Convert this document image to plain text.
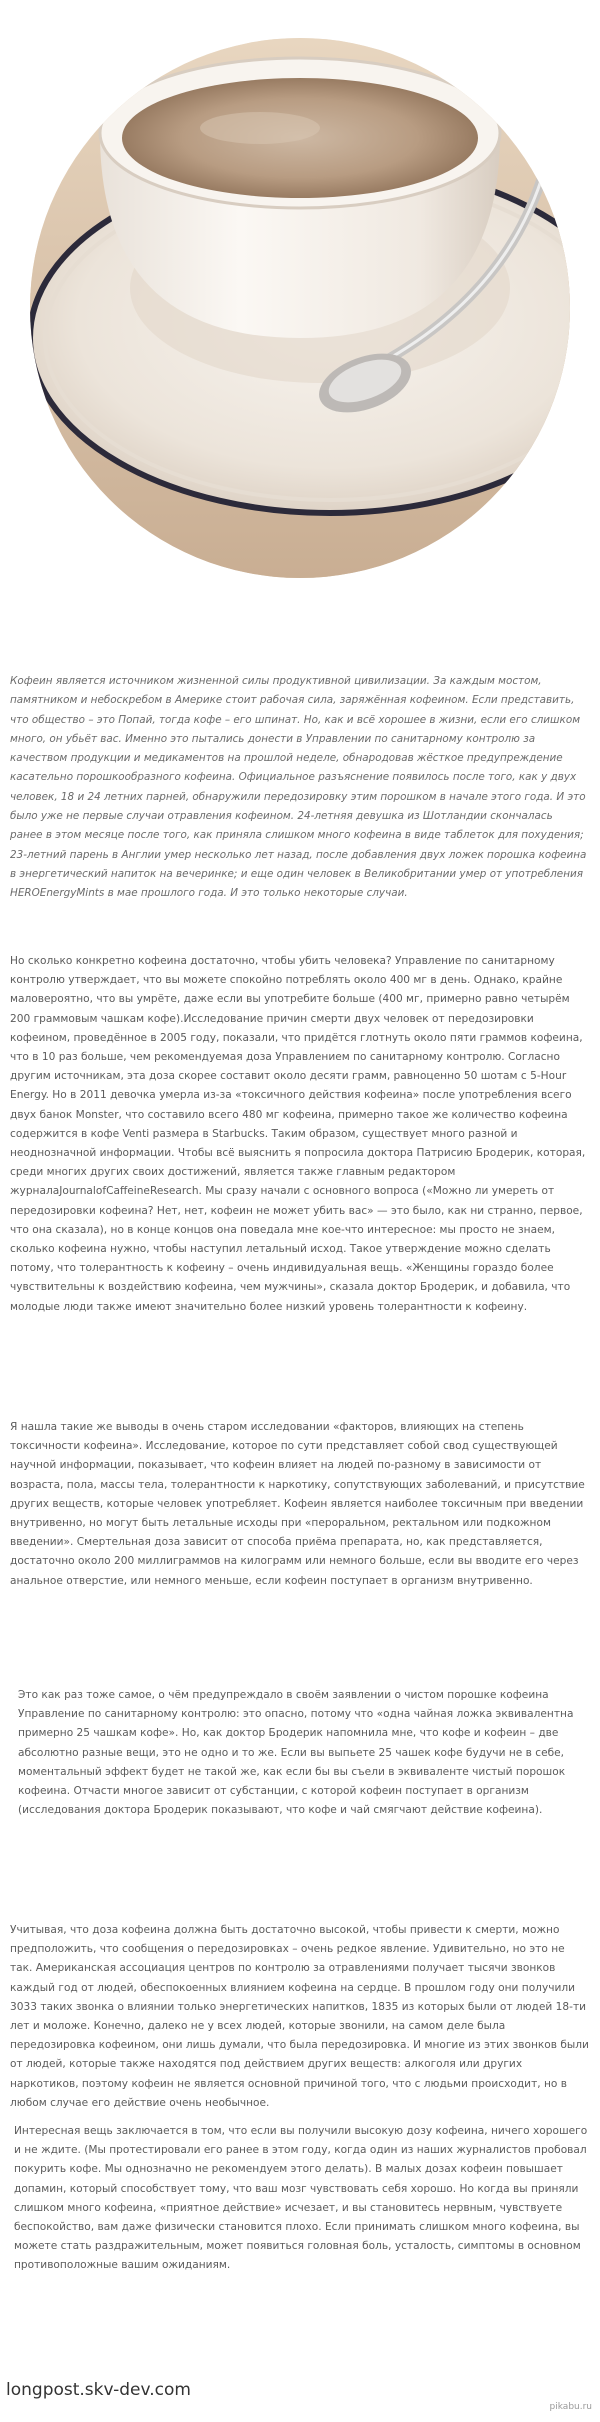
Кофеин является источником жизненной силы продуктивной цивилизации. За каждым мостом, памятником и небоскребом в Америке стоит рабочая сила, заряжённая кофеином. Если представить, что общество – это Попай, тогда кофе – его шпинат. Но, как и всё хорошее в жизни, если его слишком много, он убьёт вас. Именно это пытались донести в Управлении по санитарному контролю за качеством продукции и медикаментов на прошлой неделе, обнародовав жёсткое предупреждение касательно порошкообразного кофеина. Официальное разъяснение появилось после того, как у двух человек, 18 и 24 летних парней, обнаружили передозировку этим порошком в начале этого года. И это было уже не первые случаи отравления кофеином. 24-летняя девушка из Шотландии скончалась ранее в этом месяце после того, как приняла слишком много кофеина в виде таблеток для похудения; 23-летний парень в Англии умер несколько лет назад, после добавления двух ложек порошка кофеина в энергетический напиток на вечеринке; и еще один человек в Великобритании умер от употребления HEROEnergyMints в мае прошлого года. И это только некоторые случаи.

Но сколько конкретно кофеина достаточно, чтобы убить человека? Управление по санитарному контролю утверждает, что вы можете спокойно потреблять около 400 мг в день. Однако, крайне маловероятно, что вы умрёте, даже если вы употребите больше (400 мг, примерно равно четырём 200 граммовым чашкам кофе).Исследование причин смерти двух человек от передозировки кофеином, проведённое в 2005 году, показали, что придётся глотнуть около пяти граммов кофеина, что в 10 раз больше, чем рекомендуемая доза Управлением по санитарному контролю. Согласно другим источникам, эта доза скорее составит около десяти грамм, равноценно 50 шотам с 5-Hour Energy. Но в 2011 девочка умерла из-за «токсичного действия кофеина» после употребления всего двух банок Monster, что составило всего 480 мг кофеина, примерно такое же количество кофеина содержится в кофе Venti размера в Starbucks. Таким образом, существует много разной и неоднозначной информации. Чтобы всё выяснить я попросила доктора Патрисию Бродерик, которая, среди многих других своих достижений, является также главным редактором журналаJournalofCaffeineResearch. Мы сразу начали с основного вопроса («Можно ли умереть от передозировки кофеина? Нет, нет, кофеин не может убить вас» — это было, как ни странно, первое, что она сказала), но в конце концов она поведала мне кое-что интересное: мы просто не знаем, сколько кофеина нужно, чтобы наступил летальный исход. Такое утверждение можно сделать потому, что толерантность к кофеину – очень индивидуальная вещь. «Женщины гораздо более чувствительны к воздействию кофеина, чем мужчины», сказала доктор Бродерик, и добавила, что молодые люди также имеют значительно более низкий уровень толерантности к кофеину.

Я нашла такие же выводы в очень старом исследовании «факторов, влияющих на степень токсичности кофеина». Исследование, которое по сути представляет собой свод существующей научной информации, показывает, что кофеин влияет на людей по-разному в зависимости от возраста, пола, массы тела, толерантности к наркотику, сопутствующих заболеваний, и присутствие других веществ, которые человек употребляет. Кофеин является наиболее токсичным при введении внутривенно, но могут быть летальные исходы при «пероральном, ректальном или подкожном введении». Смертельная доза зависит от способа приёма препарата, но, как представляется, достаточно около 200 миллиграммов на килограмм или немного больше, если вы вводите его через анальное отверстие, или немного меньше, если кофеин поступает в организм внутривенно.

Это как раз тоже самое, о чём предупреждало в своём заявлении о чистом порошке кофеина Управление по санитарному контролю: это опасно, потому что «одна чайная ложка эквивалентна примерно 25 чашкам кофе». Но, как доктор Бродерик напомнила мне, что кофе и кофеин – две абсолютно разные вещи, это не одно и то же. Если вы выпьете 25 чашек кофе будучи не в себе, моментальный эффект будет не такой же, как если бы вы съели в эквиваленте чистый порошок кофеина. Отчасти многое зависит от субстанции, с которой кофеин поступает в организм (исследования доктора Бродерик показывают, что кофе и чай смягчают действие кофеина).

Учитывая, что доза кофеина должна быть достаточно высокой, чтобы привести к смерти, можно предположить, что сообщения о передозировках – очень редкое явление. Удивительно, но это не так. Американская ассоциация центров по контролю за отравлениями получает тысячи звонков каждый год от людей, обеспокоенных влиянием кофеина на сердце. В прошлом году они получили 3033 таких звонка о влиянии только энергетических напитков, 1835 из которых были от людей 18-ти лет и моложе. Конечно, далеко не у всех людей, которые звонили, на самом деле была передозировка кофеином, они лишь думали, что была передозировка. И многие из этих звонков были от людей, которые также находятся под действием других веществ: алкоголя или других наркотиков, поэтому кофеин не является основной причиной того, что с людьми происходит, но в любом случае его действие очень необычное.

Интересная вещь заключается в том, что если вы получили высокую дозу кофеина, ничего хорошего и не ждите. (Мы протестировали его ранее в этом году, когда один из наших журналистов пробовал покурить кофе. Мы однозначно не рекомендуем этого делать). В малых дозах кофеин повышает допамин, который способствует тому, что ваш мозг чувствовать себя хорошо. Но когда вы приняли слишком много кофеина, «приятное действие» исчезает, и вы становитесь нервным, чувствуете беспокойство, вам даже физически становится плохо. Если принимать слишком много кофеина, вы можете стать раздражительным, может появиться головная боль, усталость, симптомы в основном противоположные вашим ожиданиям.

longpost.skv-dev.com
pikabu.ru
